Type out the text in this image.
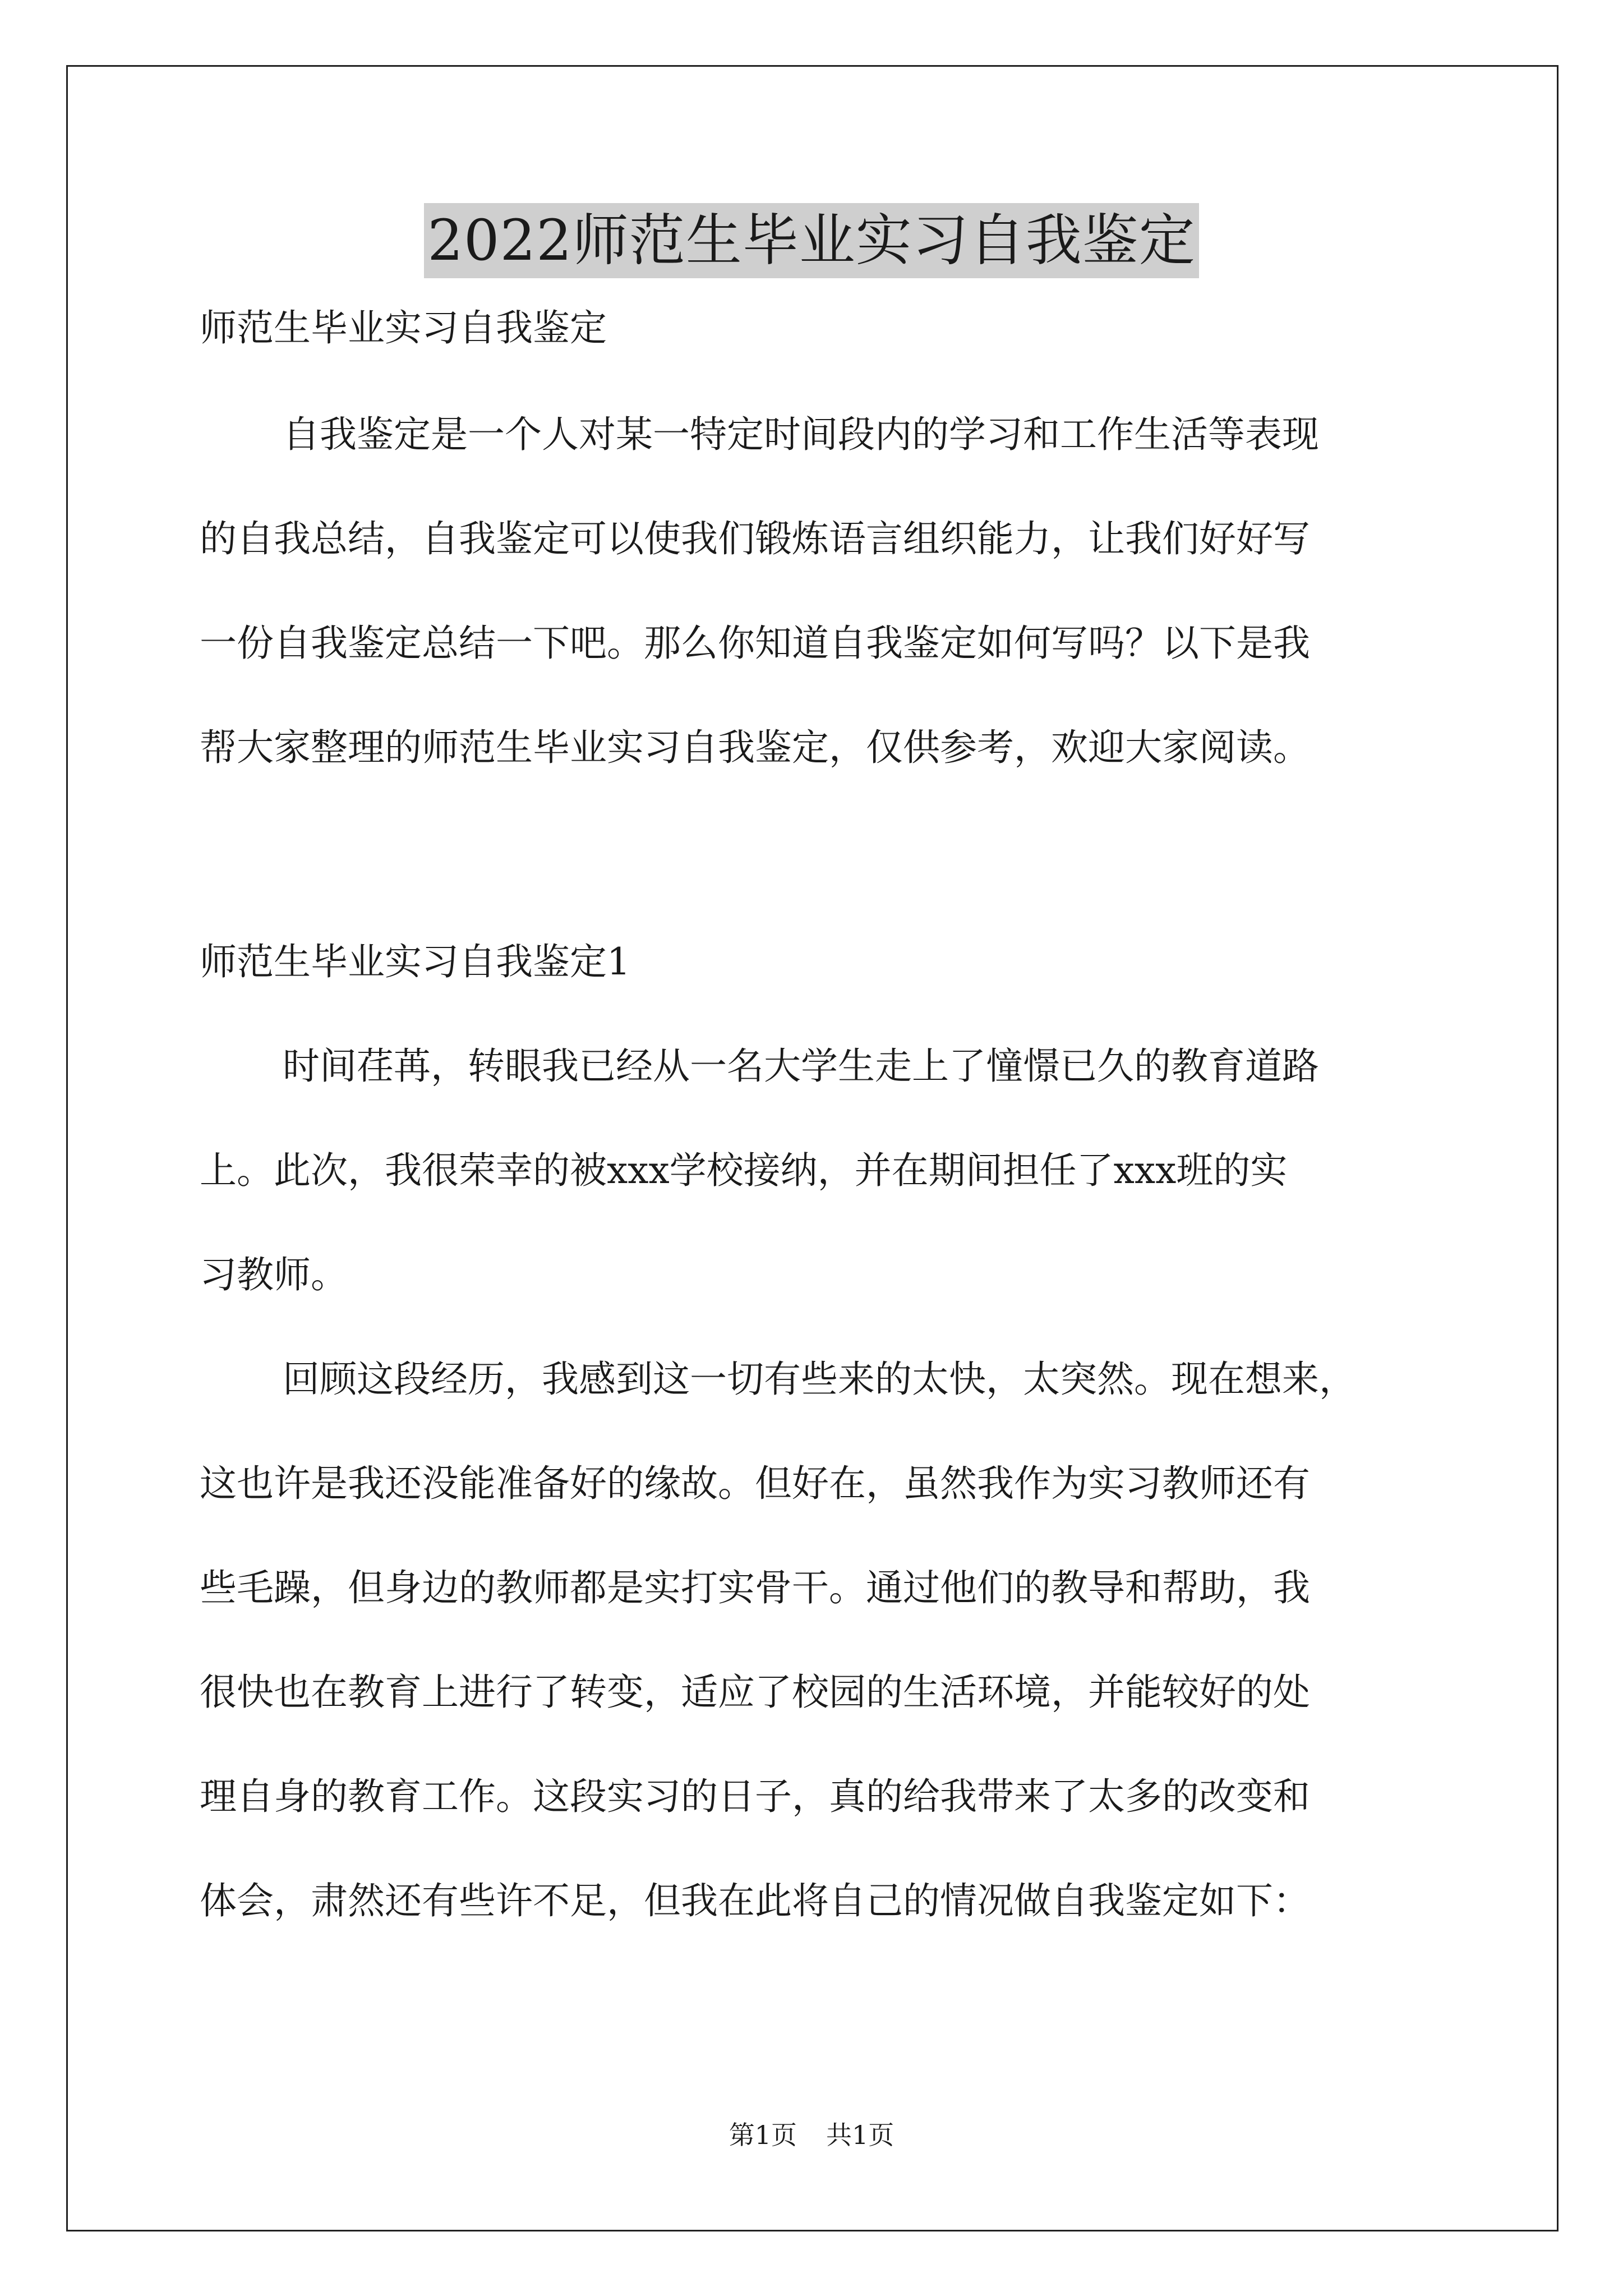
2022师范生毕业实习自我鉴定
师范生毕业实习自我鉴定
自我鉴定是一个人对某一特定时间段内的学习和工作生活等表现
的自我总结，自我鉴定可以使我们锻炼语言组织能力，让我们好好写
一份自我鉴定总结一下吧。那么你知道自我鉴定如何写吗？以下是我
帮大家整理的师范生毕业实习自我鉴定，仅供参考，欢迎大家阅读。
师范生毕业实习自我鉴定1
时间荏苒，转眼我已经从一名大学生走上了憧憬已久的教育道路
上。此次，我很荣幸的被xxx学校接纳，并在期间担任了xxx班的实
习教师。
回顾这段经历，我感到这一切有些来的太快，太突然。现在想来，
这也许是我还没能准备好的缘故。但好在，虽然我作为实习教师还有
些毛躁，但身边的教师都是实打实骨干。通过他们的教导和帮助，我
很快也在教育上进行了转变，适应了校园的生活环境，并能较好的处
理自身的教育工作。这段实习的日子，真的给我带来了太多的改变和
体会，肃然还有些许不足，但我在此将自己的情况做自我鉴定如下：
第1页 共1页
